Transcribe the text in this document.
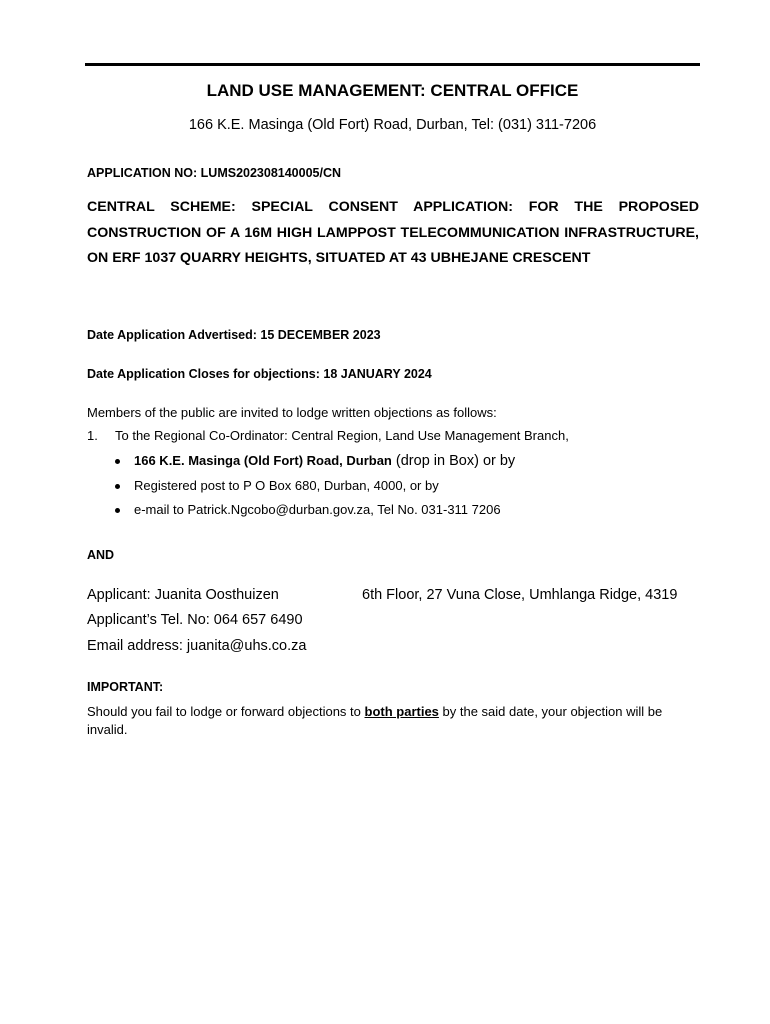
LAND USE MANAGEMENT: CENTRAL OFFICE
166 K.E. Masinga (Old Fort) Road, Durban, Tel: (031) 311-7206
APPLICATION NO: LUMS202308140005/CN
CENTRAL SCHEME: SPECIAL CONSENT APPLICATION: FOR THE PROPOSED CONSTRUCTION OF A 16M HIGH LAMPPOST TELECOMMUNICATION INFRASTRUCTURE, ON ERF 1037 QUARRY HEIGHTS, SITUATED AT 43 UBHEJANE CRESCENT
Date Application Advertised: 15 DECEMBER 2023
Date Application Closes for objections: 18 JANUARY 2024
Members of the public are invited to lodge written objections as follows:
1. To the Regional Co-Ordinator: Central Region, Land Use Management Branch,
166 K.E. Masinga (Old Fort) Road, Durban (drop in Box) or by
Registered post to P O Box 680, Durban, 4000, or by
e-mail to Patrick.Ngcobo@durban.gov.za, Tel No. 031-311 7206
AND
Applicant: Juanita Oosthuizen	6th Floor, 27 Vuna Close, Umhlanga Ridge, 4319
Applicant’s Tel. No: 064 657 6490
Email address: juanita@uhs.co.za
IMPORTANT:
Should you fail to lodge or forward objections to both parties by the said date, your objection will be invalid.
